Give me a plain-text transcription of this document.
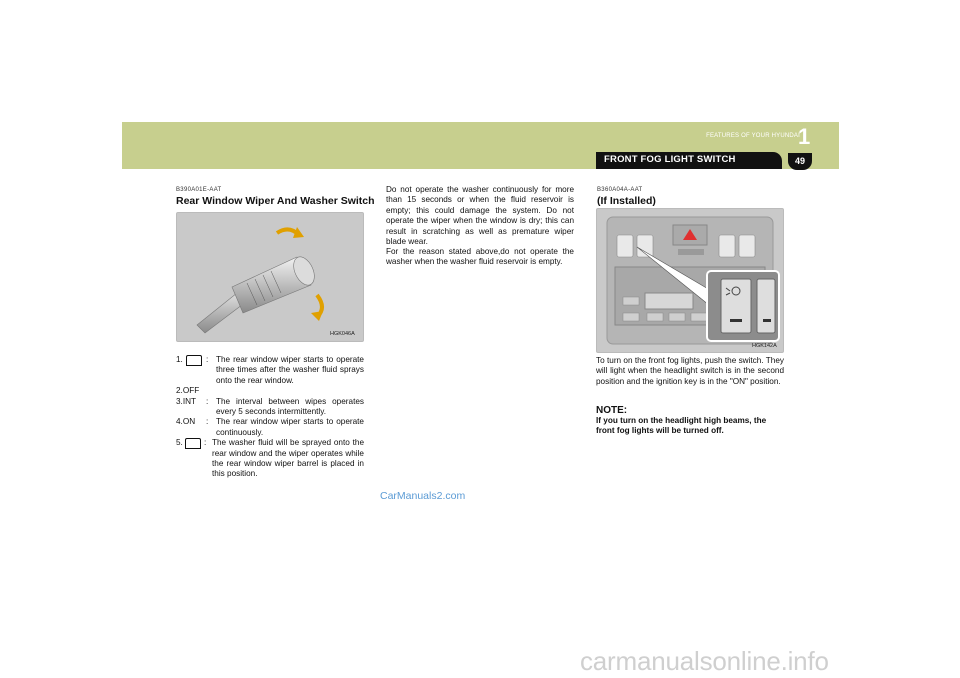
FEATURES OF YOUR HYUNDAI
1
FRONT FOG LIGHT SWITCH	49
B390A01E-AAT
Rear Window Wiper And Washer Switch
HGK046A
1.	: The rear window wiper starts to operate three times after the washer fluid sprays onto the rear window.
2.OFF
3.INT	: The interval between wipes operates every 5 seconds intermittently.
4.ON	: The rear window wiper starts to operate continuously.
5.	: The washer fluid will be sprayed onto the rear window and the wiper operates while the rear window wiper barrel is placed in this position.
Do not operate the washer continuously for more than 15 seconds or when the fluid reservoir is empty; this could damage the system. Do not operate the wiper when the window is dry; this can result in scratching as well as premature wiper blade wear.
For the reason stated above,do not operate the washer when the washer fluid reservoir is empty.
B360A04A-AAT
(If Installed)
HGK142A
To turn on the front fog lights, push the switch. They will light when the headlight switch is in the second position and the ignition key is in the "ON" position.
NOTE:
If you turn on the headlight high beams, the front fog lights will be turned off.
CarManuals2.com
carmanualsonline.info
